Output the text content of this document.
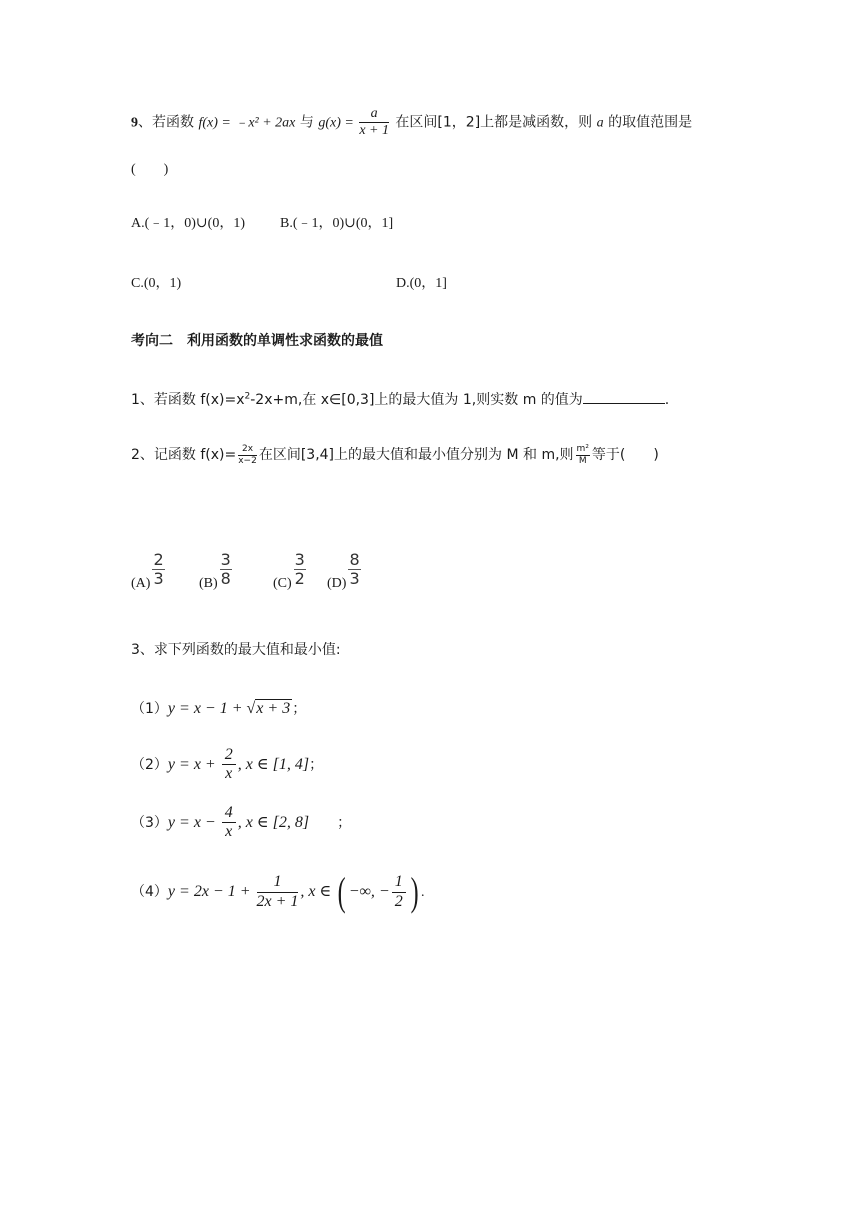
9、若函数 f(x) = ﹣x² + 2ax 与 $g(x) = \frac{a}{x + 1}$ 在区间[1，2]上都是减函数，则 a 的取值范围是
(　　)
A.(﹣1，0)∪(0，1)	B.(﹣1，0)∪(0，1]
C.(0，1)	D.(0，1]
考向二　利用函数的单调性求函数的最值
1、若函数 $f(x)=x^2-2x+m$,在 x∈[0,3]上的最大值为 1,则实数 m 的值为	.
2、记函数 $f(x)= \frac{2x}{x-2}$ 在区间[3,4]上的最大值和最小值分别为 M 和 m,则 $\frac{\text{m²}}{M}$ 等于(　　)
$(A) \frac{2}{3} (B) \frac{3}{8}$	$(C) \frac{3}{2} (D) \frac{8}{3}$
3、求下列函数的最大值和最小值:
（1）y = x − 1 + √x + 3 ；
$(2)y = x + \frac{2}{x}$ , x ∈ [1, 4]；
$(3)y = x - \frac{4}{x}$ , x ∈ [2, 8] ；
$(4)y = 2x - 1 + \frac{1}{2x + 1}$ , x ∈ ( −∞, − $\frac{1}{2}$ ) .
